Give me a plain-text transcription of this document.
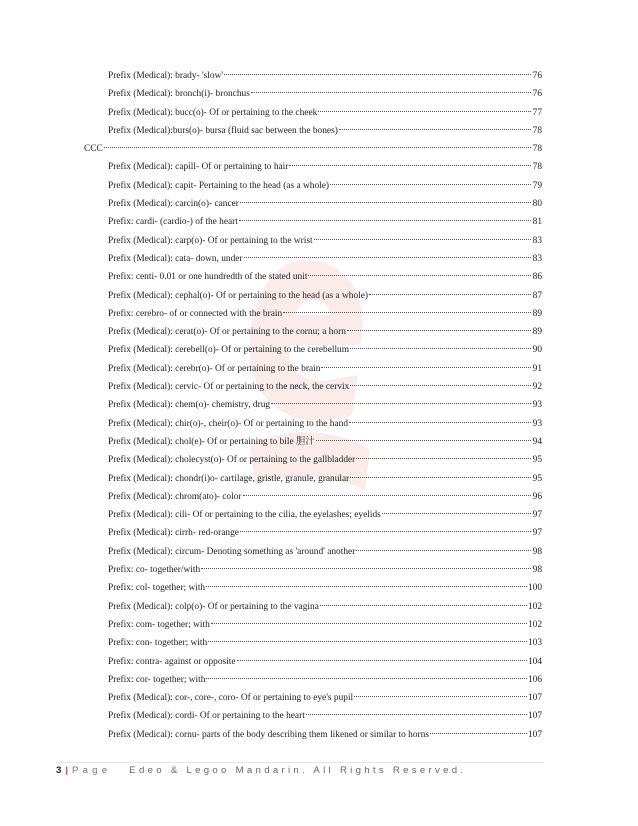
Prefix (Medical): brady- 'slow'	76
Prefix (Medical): bronch(i)- bronchus	76
Prefix (Medical): bucc(o)- Of or pertaining to the cheek	77
Prefix (Medical):burs(o)- bursa (fluid sac between the bones)	78
CCC	78
Prefix (Medical): capill- Of or pertaining to hair	78
Prefix (Medical): capit- Pertaining to the head (as a whole)	79
Prefix (Medical): carcin(o)- cancer	80
Prefix: cardi- (cardio-) of the heart	81
Prefix (Medical): carp(o)- Of or pertaining to the wrist	83
Prefix (Medical): cata- down, under	83
Prefix: centi- 0.01 or one hundredth of the stated unit	86
Prefix (Medical): cephal(o)- Of or pertaining to the head (as a whole)	87
Prefix: cerebro- of or connected with the brain	89
Prefix (Medical): cerat(o)- Of or pertaining to the cornu; a horn	89
Prefix (Medical): cerebell(o)- Of or pertaining to the cerebellum	90
Prefix (Medical): cerebr(o)- Of or pertaining to the brain	91
Prefix (Medical): cervic- Of or pertaining to the neck, the cervix	92
Prefix (Medical): chem(o)- chemistry, drug	93
Prefix (Medical): chir(o)-, cheir(o)- Of or pertaining to the hand	93
Prefix (Medical): chol(e)- Of or pertaining to bile 胆汁	94
Prefix (Medical): cholecyst(o)- Of or pertaining to the gallbladder	95
Prefix (Medical): chondr(i)o- cartilage, gristle, granule, granular	95
Prefix (Medical): chrom(ato)- color	96
Prefix (Medical): cili- Of or pertaining to the cilia, the eyelashes; eyelids	97
Prefix (Medical): cirrh- red-orange	97
Prefix (Medical): circum- Denoting something as 'around' another	98
Prefix: co- together/with	98
Prefix: col- together; with	100
Prefix (Medical): colp(o)- Of or pertaining to the vagina	102
Prefix: com- together; with	102
Prefix: con- together; with	103
Prefix: contra- against or opposite	104
Prefix: cor- together; with	106
Prefix (Medical): cor-, core-, coro- Of or pertaining to eye's pupil	107
Prefix (Medical): cordi- Of or pertaining to the heart	107
Prefix (Medical): cornu- parts of the body describing them likened or similar to horns	107
3 | Page Edeo & Legoo Mandarin. All Rights Reserved.
